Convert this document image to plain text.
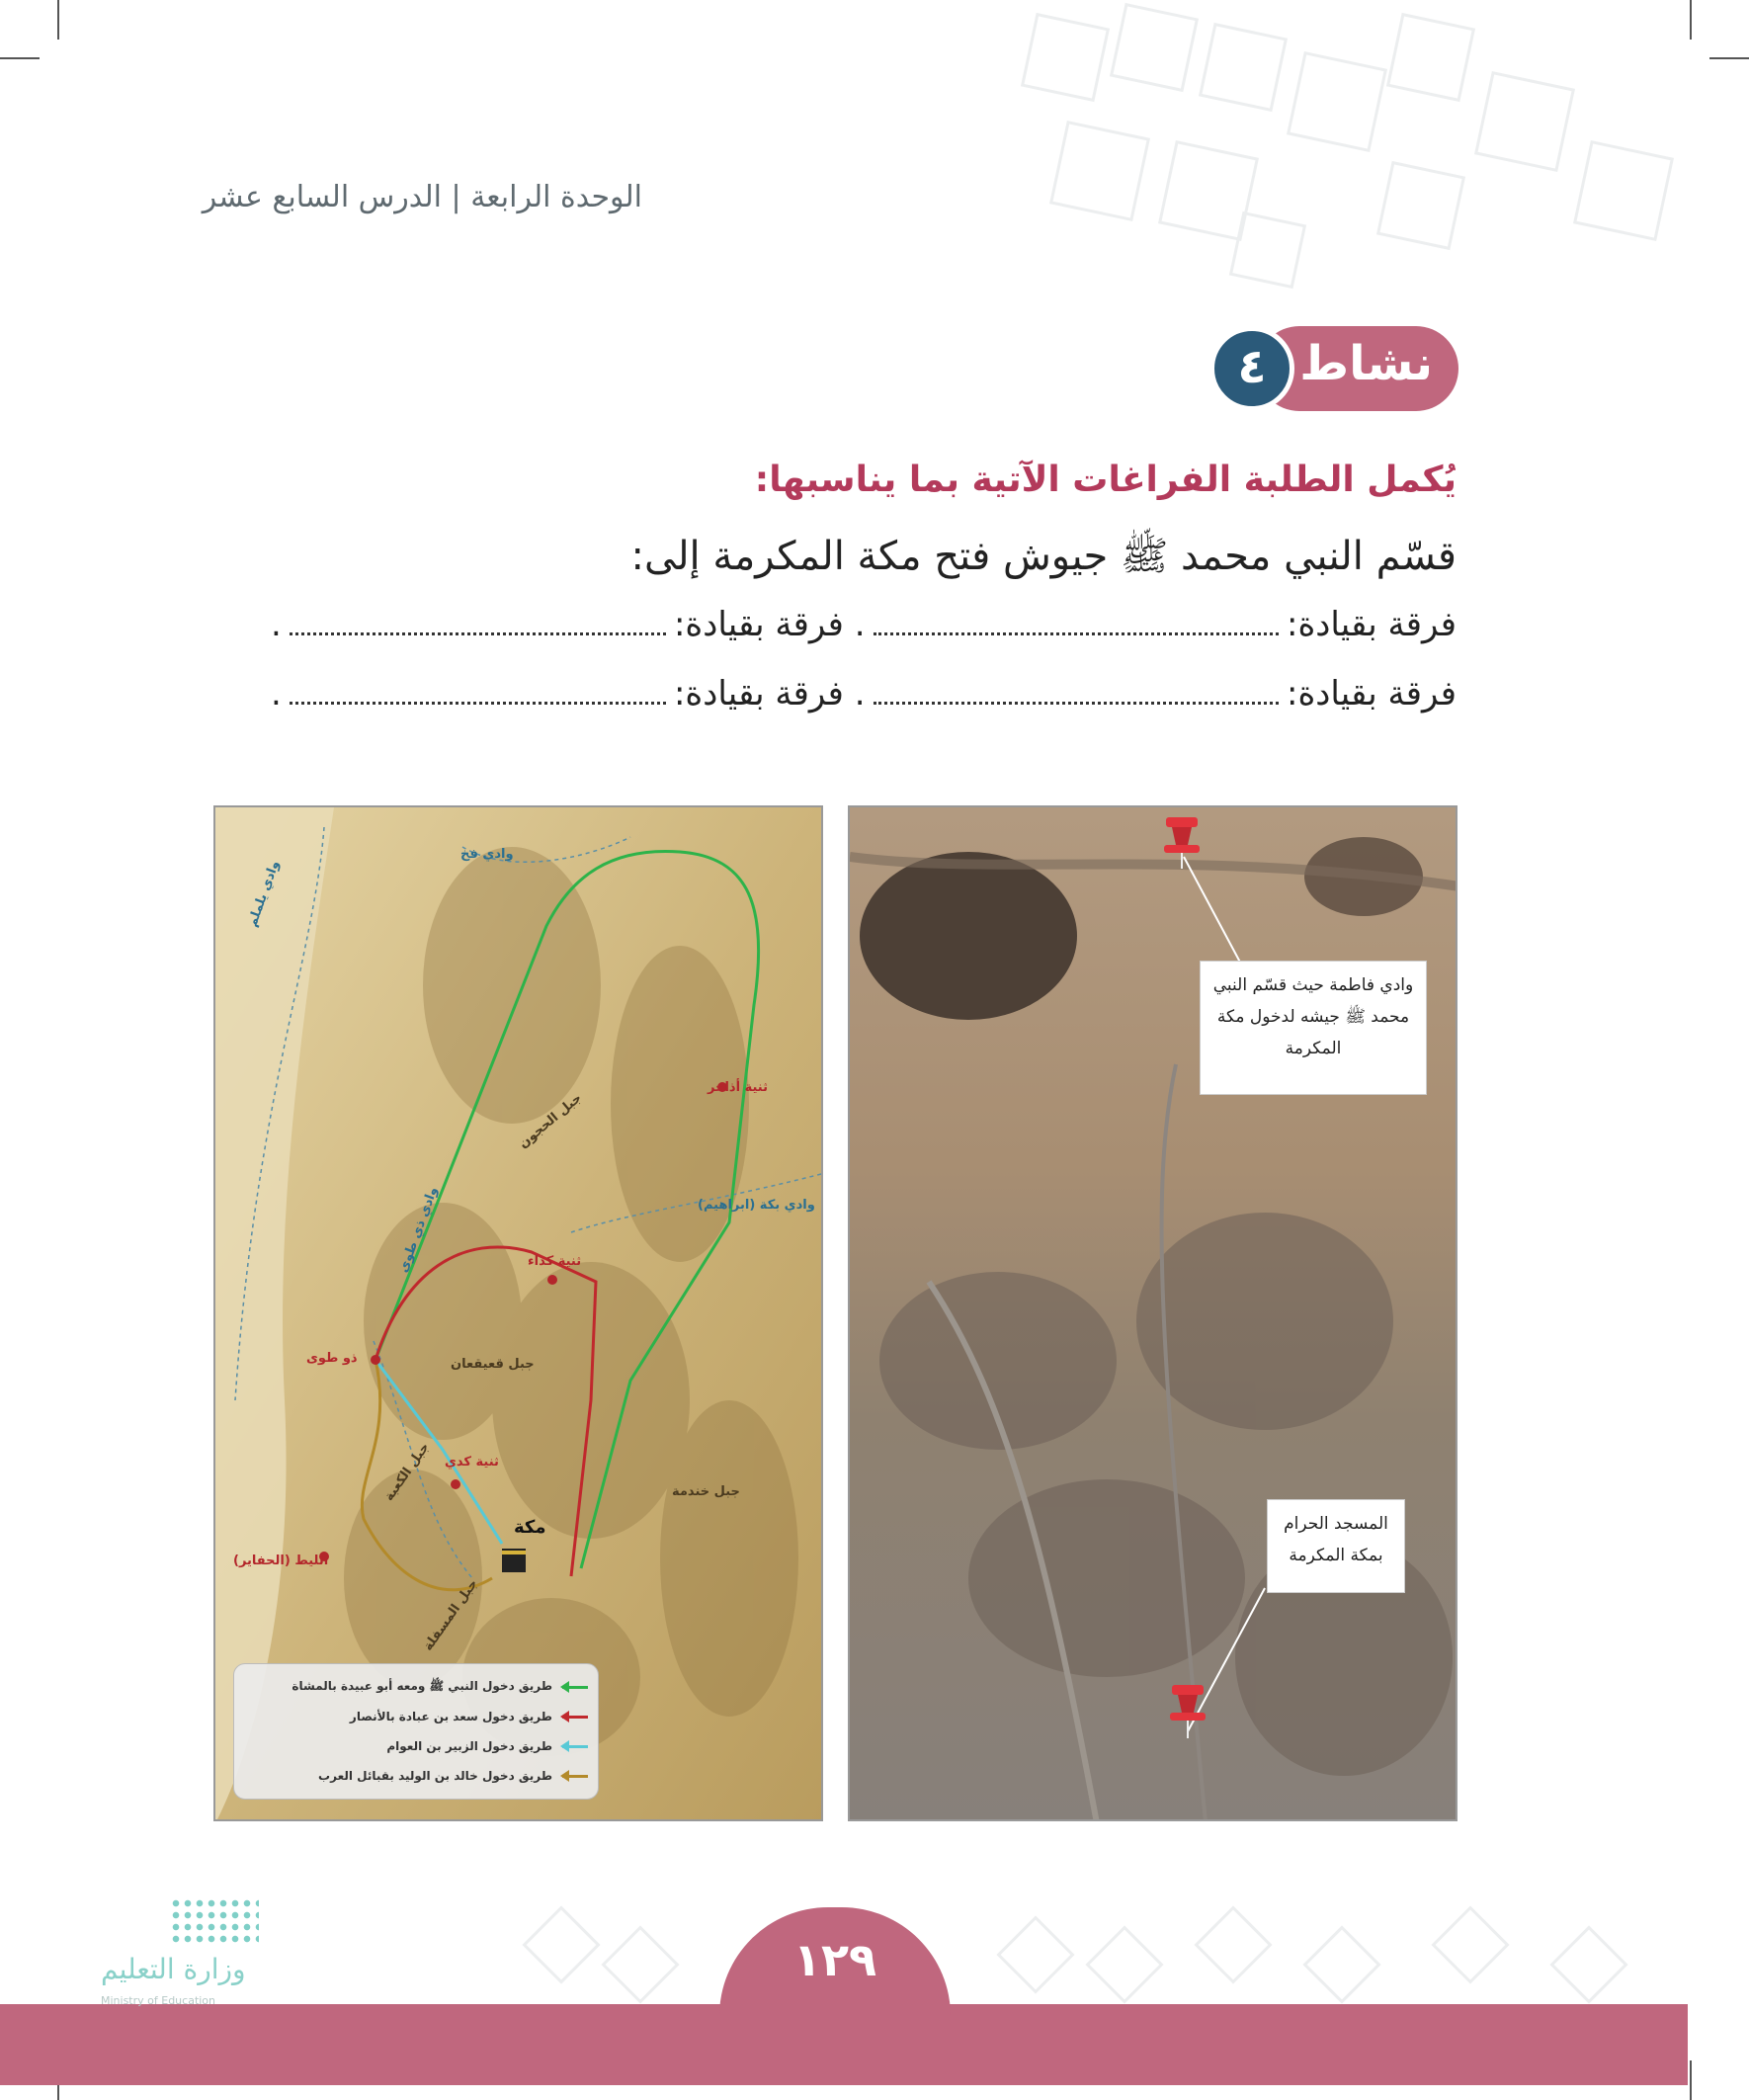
الوحدة الرابعة | الدرس السابع عشر
نشاط
٤
يُكمل الطلبة الفراغات الآتية بما يناسبها:
قسّم النبي محمد ﷺ جيوش فتح مكة المكرمة إلى:
فرقة بقيادة:
. فرقة بقيادة:
.
فرقة بقيادة:
. فرقة بقيادة:
.
ثنية أذاخر
ثنية كداء
ذو طوى
ثنية كدي
الليط (الحفاير)
مكة
وادي فخ
وادي يلملم
وادي ذي طوى
جبل الحجون
وادي بكة (ابراهيم)
جبل قعيقعان
جبل الكعبة	جبل خندمة
جبل المسفلة
طريق دخول النبي ﷺ ومعه أبو عبيدة بالمشاة
طريق دخول سعد بن عبادة بالأنصار
طريق دخول الزبير بن العوام
طريق دخول خالد بن الوليد بقبائل العرب
وادي فاطمة حيث قسّم النبي محمد ﷺ جيشه لدخول مكة المكرمة
المسجد الحرام بمكة المكرمة
١٢٩
وزارة التعليم
Ministry of Education
